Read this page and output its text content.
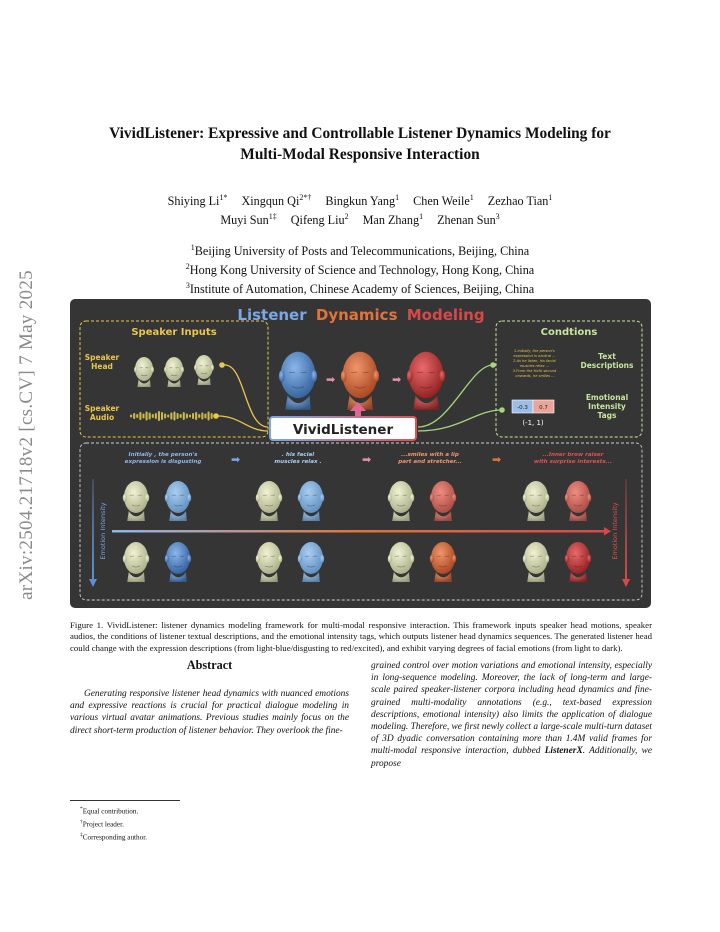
arXiv:2504.21718v2 [cs.CV] 7 May 2025
VividListener: Expressive and Controllable Listener Dynamics Modeling for
Multi-Modal Responsive Interaction
Shiying $Li^{1*}$ Xingqun $Qi^{2*\dagger}$ Bingkun Yang$^1$ Chen Weile$^1$ Zezhao Tian$^1$
Muyi Sun$^{1\ddagger}$ Qifeng Liu$^2$ Man Zhang$^1$ Zhenan Sun$^3$
$^1$Beijing University of Posts and Telecommunications, Beijing, China
$^2$Hong Kong University of Science and Technology, Hong Kong, China
$^3$Institute of Automation, Chinese Academy of Sciences, Beijing, China
Listener Dynamics Modeling
Speaker Inputs
Speaker Head
Speaker Audio
➡	➡
VividListener
Condtions
1.Initially, the person's expression is neutral ... 2.As he listen, his facial muscles relax ... 3.From the forth second onwards, he smiles ...
Text Descriptions
-0.3 0.7
(-1, 1)
Emotional Intensity Tags
Initially , the person's expression is disgusting
. his facial muscles relax .
...smiles with a lip part and stretcher...
...Inner brow raiser with surprise interests...
➡	➡	➡
Emotion Intensity	Emotion Intensity
Figure 1. VividListener: listener dynamics modeling framework for multi-modal responsive interaction. This framework inputs speaker head motions, speaker audios, the conditions of listener textual descriptions, and the emotional intensity tags, which outputs listener head dynamics sequences. The generated listener head could change with the expression descriptions (from light-blue/disgusting to red/excited), and exhibit varying degrees of facial emotions (from light to dark).
Abstract
Generating responsive listener head dynamics with nuanced emotions and expressive reactions is crucial for practical dialogue modeling in various virtual avatar animations. Previous studies mainly focus on the direct short-term production of listener behavior. They overlook the fine-
grained control over motion variations and emotional intensity, especially in long-sequence modeling. Moreover, the lack of long-term and large-scale paired speaker-listener corpora including head dynamics and fine-grained multi-modality annotations (e.g., text-based expression descriptions, emotional intensity) also limits the application of dialogue modeling. Therefore, we first newly collect a large-scale multi-turn dataset of 3D dyadic conversation containing more than 1.4M valid frames for multi-modal responsive interaction, dubbed ListenerX. Additionally, we propose
*Equal contribution.
†Project leader.
‡Corresponding author.
